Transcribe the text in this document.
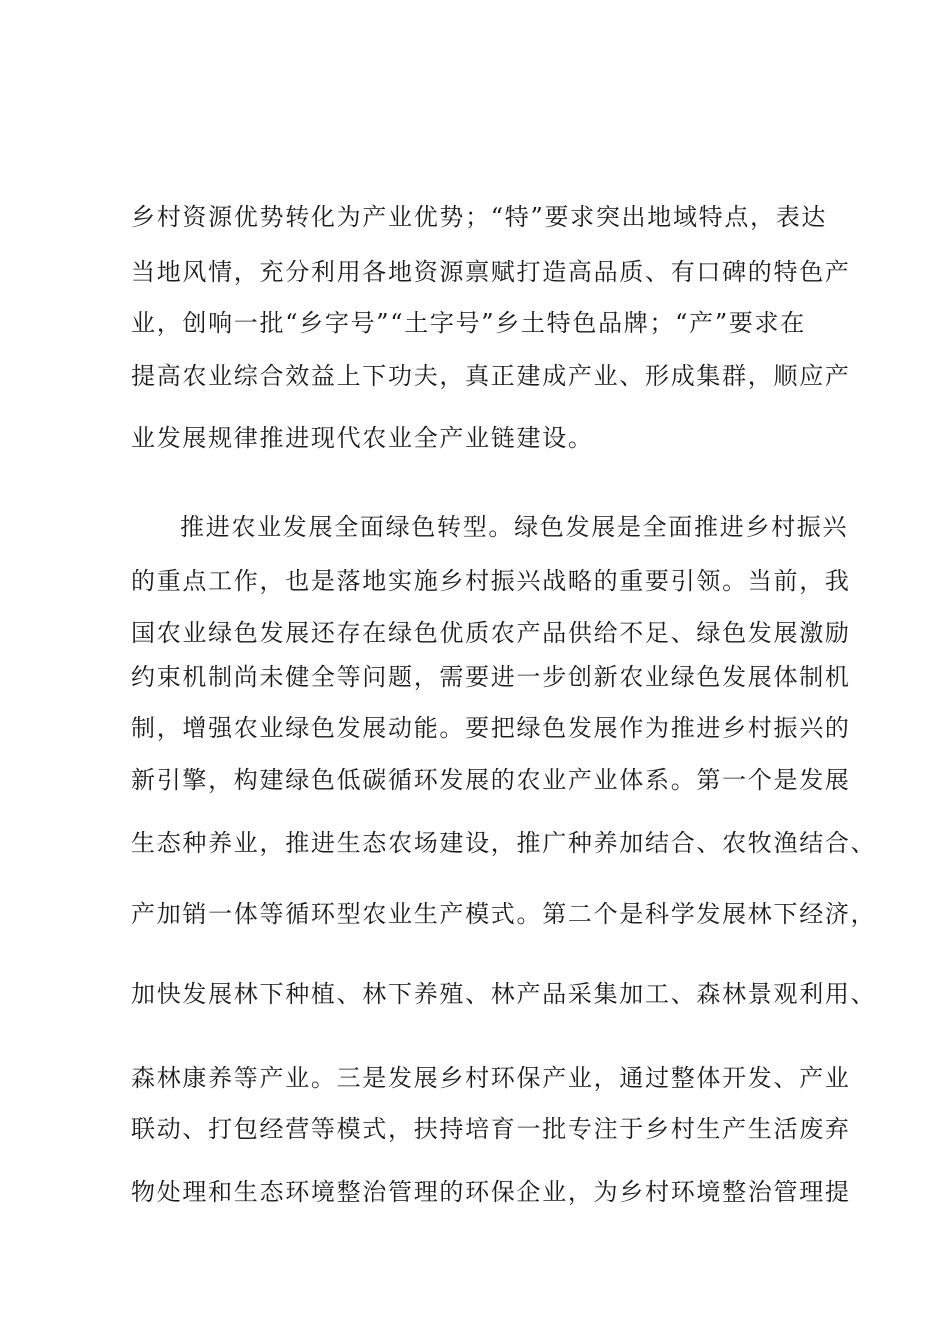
乡村资源优势转化为产业优势；“特”要求突出地域特点，表达
当地风情，充分利用各地资源禀赋打造高品质、有口碑的特色产
业，创响一批“乡字号”“土字号”乡土特色品牌；“产”要求在
提高农业综合效益上下功夫，真正建成产业、形成集群，顺应产
业发展规律推进现代农业全产业链建设。
推进农业发展全面绿色转型。绿色发展是全面推进乡村振兴
的重点工作，也是落地实施乡村振兴战略的重要引领。当前，我
国农业绿色发展还存在绿色优质农产品供给不足、绿色发展激励
约束机制尚未健全等问题，需要进一步创新农业绿色发展体制机
制，增强农业绿色发展动能。要把绿色发展作为推进乡村振兴的
新引擎，构建绿色低碳循环发展的农业产业体系。第一个是发展
生态种养业，推进生态农场建设，推广种养加结合、农牧渔结合、
产加销一体等循环型农业生产模式。第二个是科学发展林下经济，
加快发展林下种植、林下养殖、林产品采集加工、森林景观利用、
森林康养等产业。三是发展乡村环保产业，通过整体开发、产业
联动、打包经营等模式，扶持培育一批专注于乡村生产生活废弃
物处理和生态环境整治管理的环保企业，为乡村环境整治管理提
